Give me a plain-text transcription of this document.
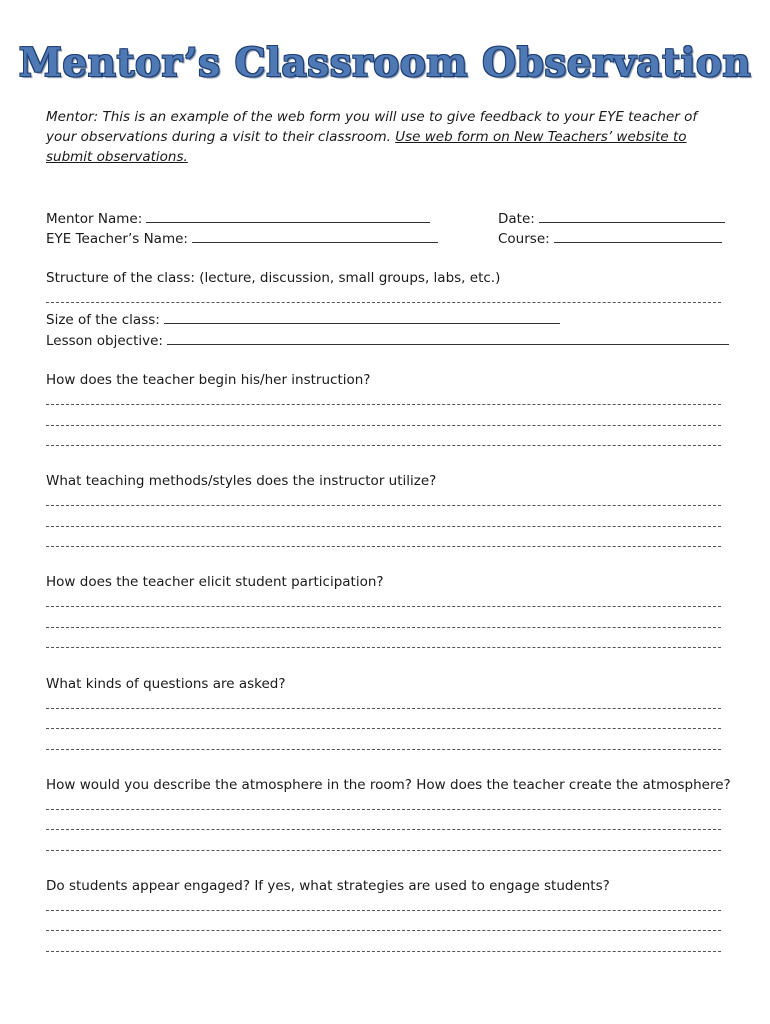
Mentor’s Classroom Observation
Mentor: This is an example of the web form you will use to give feedback to your EYE teacher of your observations during a visit to their classroom. Use web form on New Teachers’ website to submit observations.
Mentor Name:	Date:
EYE Teacher’s Name:	Course:
Structure of the class: (lecture, discussion, small groups, labs, etc.)
Size of the class:
Lesson objective:
How does the teacher begin his/her instruction?
What teaching methods/styles does the instructor utilize?
How does the teacher elicit student participation?
What kinds of questions are asked?
How would you describe the atmosphere in the room? How does the teacher create the atmosphere?
Do students appear engaged? If yes, what strategies are used to engage students?
